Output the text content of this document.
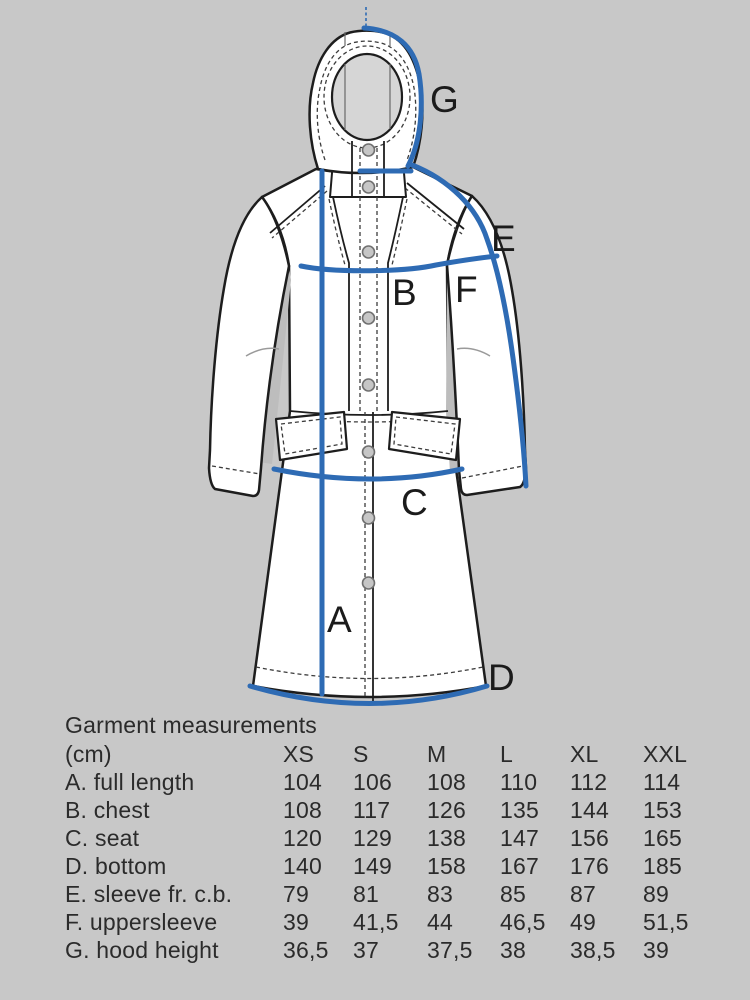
G
E
B F
C
A
D
Garment measurements
(cm)	XS	S	M	L	XL	XXL
A. full length	104	106	108	110	112	114
B. chest	108	117	126	135	144	153
C. seat	120	129	138	147	156	165
D. bottom	140	149	158	167	176	185
E. sleeve fr. c.b.	79	81	83	85	87	89
F. uppersleeve	39	41,5	44	46,5	49	51,5
G. hood height	36,5	37	37,5	38	38,5	39
